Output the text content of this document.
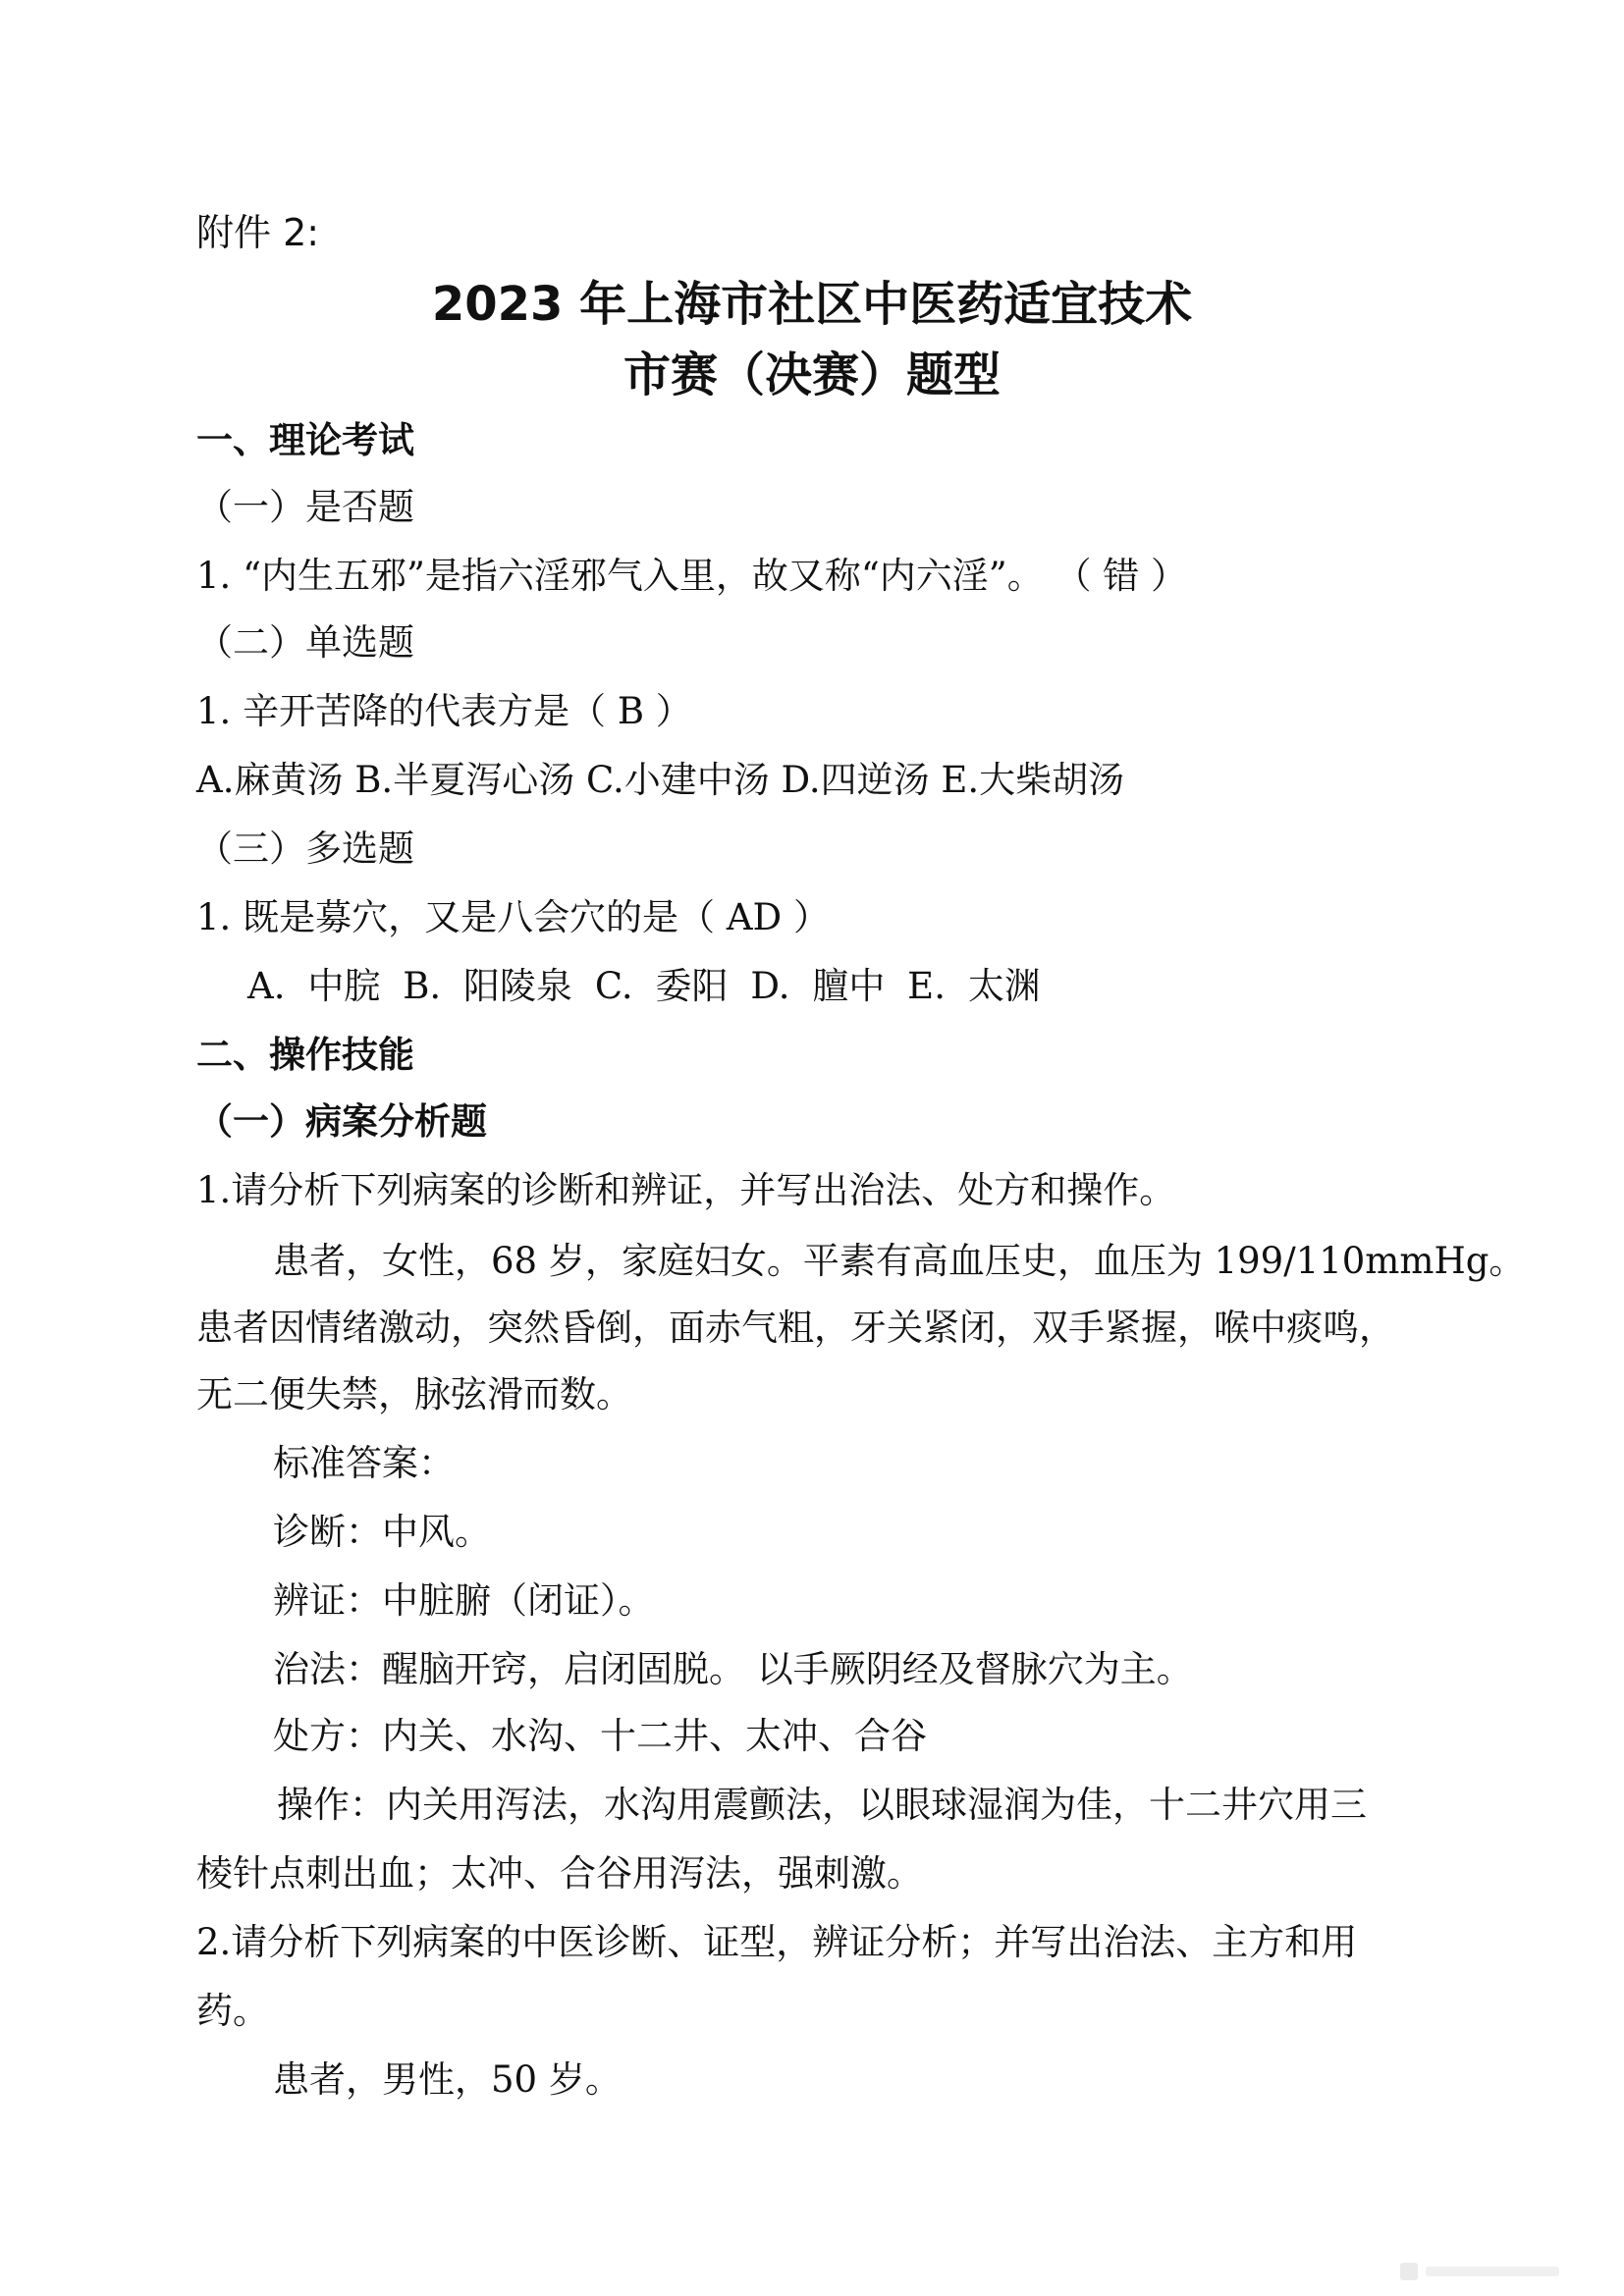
附件 2:
2023 年上海市社区中医药适宜技术
市赛（决赛）题型
一、理论考试
（一）是否题
1. “内生五邪”是指六淫邪气入里，故又称“内六淫”。 （ 错 ）
（二）单选题
1. 辛开苦降的代表方是（ B ）
A.麻黄汤 B.半夏泻心汤 C.小建中汤 D.四逆汤 E.大柴胡汤
（三）多选题
1. 既是募穴，又是八会穴的是（ AD ）
A. 中脘 B. 阳陵泉 C. 委阳 D. 膻中 E. 太渊
二、操作技能
（一）病案分析题
1.请分析下列病案的诊断和辨证，并写出治法、处方和操作。
患者，女性，68 岁，家庭妇女。平素有高血压史，血压为 199/110mmHg。
患者因情绪激动，突然昏倒，面赤气粗，牙关紧闭，双手紧握，喉中痰鸣，
无二便失禁，脉弦滑而数。
标准答案：
诊断：中风。
辨证：中脏腑（闭证）。
治法：醒脑开窍，启闭固脱。 以手厥阴经及督脉穴为主。
处方：内关、水沟、十二井、太冲、合谷
操作：内关用泻法，水沟用震颤法，以眼球湿润为佳，十二井穴用三
棱针点刺出血；太冲、合谷用泻法，强刺激。
2.请分析下列病案的中医诊断、证型，辨证分析；并写出治法、主方和用
药。
患者，男性，50 岁。
